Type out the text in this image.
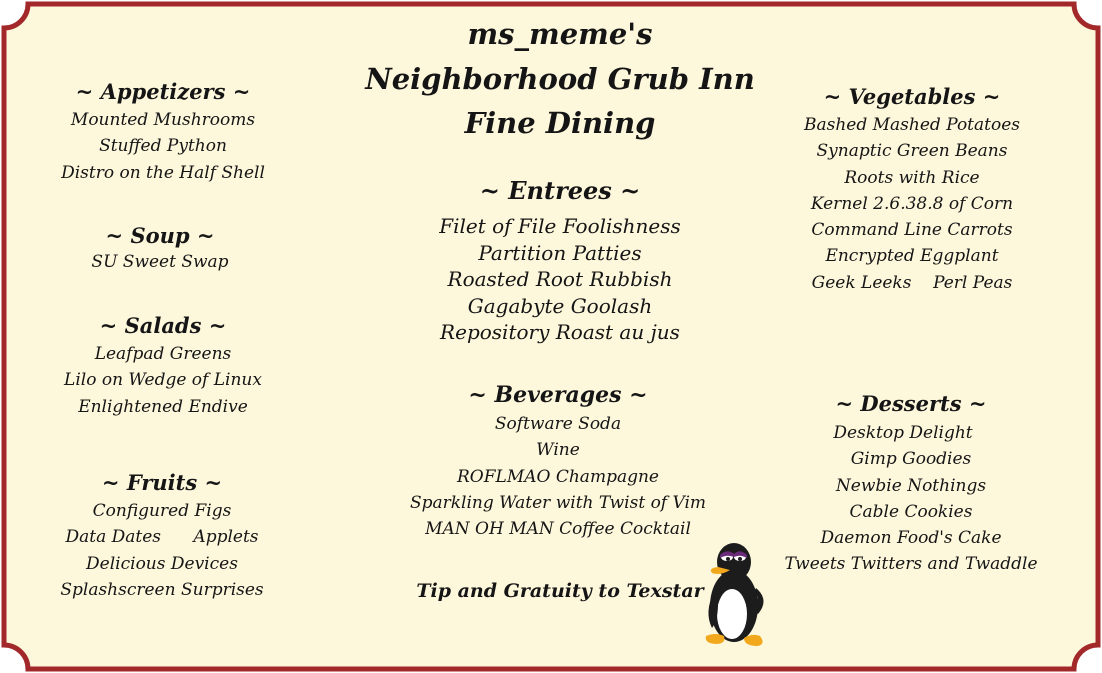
ms_meme's
Neighborhood Grub Inn
Fine Dining
~ Appetizers ~
Mounted Mushrooms
Stuffed Python
Distro on the Half Shell
~ Soup ~
SU Sweet Swap
~ Salads ~
Leafpad Greens
Lilo on Wedge of Linux
Enlightened Endive
~ Fruits ~
Configured Figs
Data Dates      Applets
Delicious Devices
Splashscreen Surprises
~ Entrees ~
Filet of File Foolishness
Partition Patties
Roasted Root Rubbish
Gagabyte Goolash
Repository Roast au jus
~ Beverages ~
Software Soda
Wine
ROFLMAO Champagne
Sparkling Water with Twist of Vim
MAN OH MAN Coffee Cocktail
Tip and Gratuity to Texstar
~ Vegetables ~
Bashed Mashed Potatoes
Synaptic Green Beans
Roots with Rice
Kernel 2.6.38.8 of Corn
Command Line Carrots
Encrypted Eggplant
Geek Leeks    Perl Peas
~ Desserts ~
Desktop Delight
Gimp Goodies
Newbie Nothings
Cable Cookies
Daemon Food's Cake
Tweets Twitters and Twaddle
